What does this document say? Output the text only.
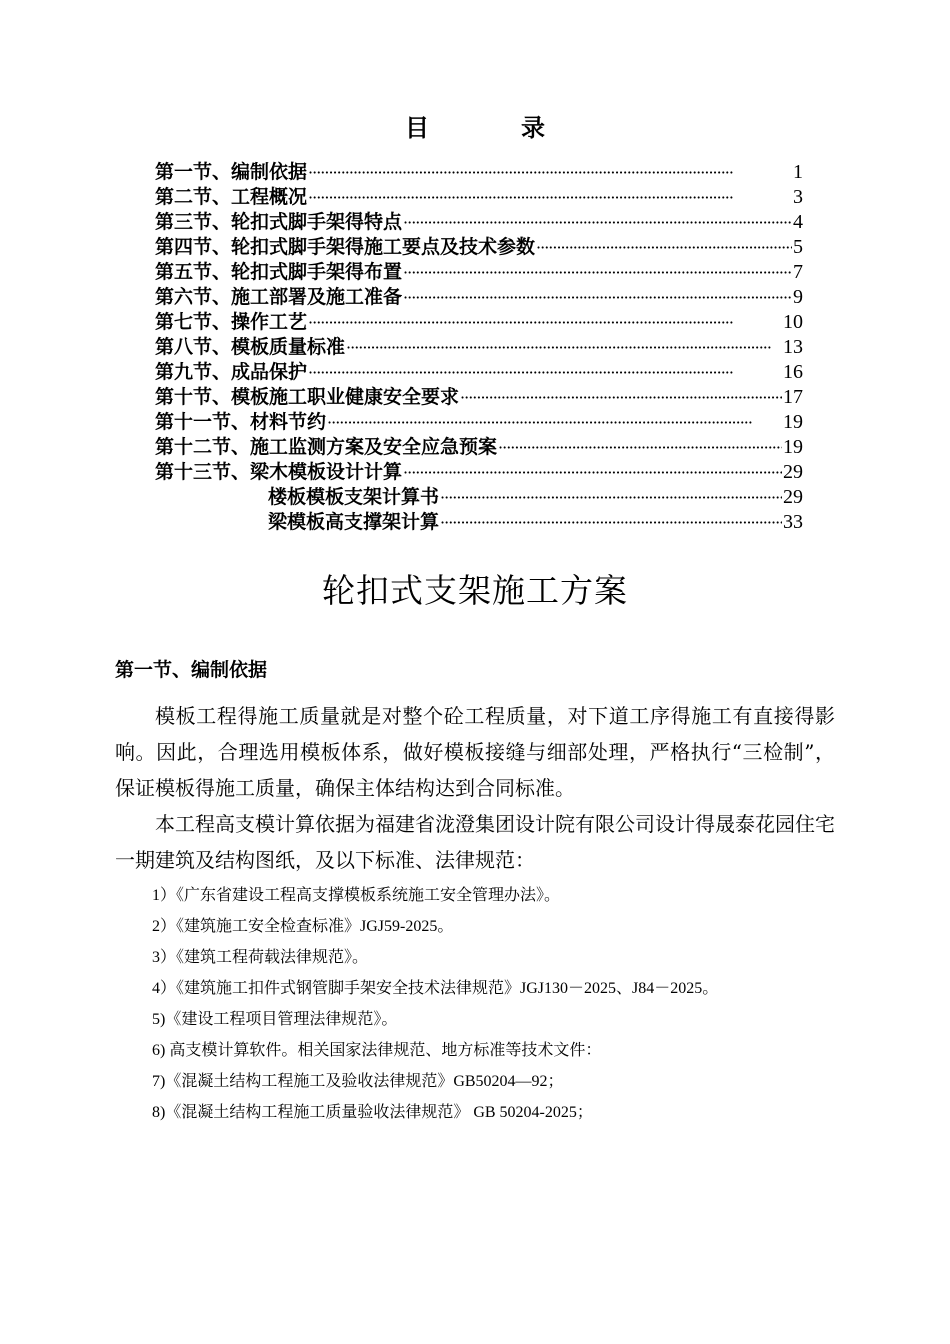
目　录
第一节、编制依据 ·····	1
第二节、工程概况 ·····	3
第三节、轮扣式脚手架得特点 ·····	4
第四节、轮扣式脚手架得施工要点及技术参数 ·····	5
第五节、轮扣式脚手架得布置 ·····	7
第六节、施工部署及施工准备 ·····	9
第七节、操作工艺 ·····	10
第八节、模板质量标准 ·····	13
第九节、成品保护 ·····	16
第十节、模板施工职业健康安全要求 ·····	17
第十一节、材料节约 ·····	19
第十二节、施工监测方案及安全应急预案 ·····	19
第十三节、梁木模板设计计算 ·····	29
楼板模板支架计算书 ·····	29
梁模板高支撑架计算 ·····	33
轮扣式支架施工方案
第一节、编制依据
模板工程得施工质量就是对整个砼工程质量，对下道工序得施工有直接得影响。因此，合理选用模板体系，做好模板接缝与细部处理，严格执行“三检制”，保证模板得施工质量，确保主体结构达到合同标准。
本工程高支模计算依据为福建省泷澄集团设计院有限公司设计得晟泰花园住宅一期建筑及结构图纸，及以下标准、法律规范：
1）《广东省建设工程高支撑模板系统施工安全管理办法》。
2）《建筑施工安全检查标准》JGJ59-2025。
3）《建筑工程荷载法律规范》。
4）《建筑施工扣件式钢管脚手架安全技术法律规范》JGJ130－2025、J84－2025。
5)《建设工程项目管理法律规范》。
6) 高支模计算软件。相关国家法律规范、地方标准等技术文件：
7)《混凝土结构工程施工及验收法律规范》GB50204—92；
8)《混凝土结构工程施工质量验收法律规范》 GB 50204-2025；
